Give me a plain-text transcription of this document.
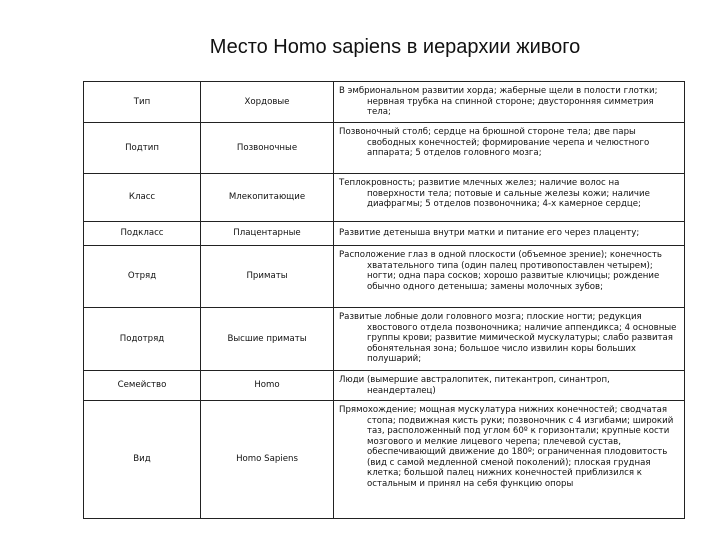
Место Homo sapiens в иерархии живого
Тип	Хордовые	В эмбриональном развитии хорда; жаберные щели в полости глотки; нервная трубка на спинной стороне; двусторонняя симметрия тела;

Подтип	Позвоночные	Позвоночный столб; сердце на брюшной стороне тела; две пары свободных конечностей; формирование черепа и челюстного аппарата; 5 отделов головного мозга;

Класс	Млекопитающие	Теплокровность; развитие млечных желез; наличие волос на поверхности тела; потовые и сальные железы кожи; наличие диафрагмы; 5 отделов позвоночника; 4-х камерное сердце;

Подкласс	Плацентарные	Развитие детеныша внутри матки и питание его через плаценту;

Отряд	Приматы	Расположение глаз в одной плоскости (объемное зрение); конечность хватательного типа (один палец противопоставлен четырем); ногти; одна пара сосков; хорошо развитые ключицы; рождение обычно одного детеныша; замены молочных зубов;

Подотряд	Высшие приматы	Развитые лобные доли головного мозга; плоские ногти; редукция хвостового отдела позвоночника; наличие аппендикса; 4 основные группы крови; развитие мимической мускулатуры; слабо развитая обонятельная зона; большое число извилин коры больших полушарий;

Семейство	Homo	Люди (вымершие австралопитек, питекантроп, синантроп, неандерталец)

Вид	Homo Sapiens	Прямохождение; мощная мускулатура нижних конечностей; сводчатая стопа; подвижная кисть руки; позвоночник с 4 изгибами; широкий таз, расположенный под углом 60º к горизонтали; крупные кости мозгового и мелкие лицевого черепа; плечевой сустав, обеспечивающий движение до 180º; ограниченная плодовитость (вид с самой медленной сменой поколений); плоская грудная клетка; большой палец нижних конечностей приблизился к остальным и принял на себя функцию опоры
